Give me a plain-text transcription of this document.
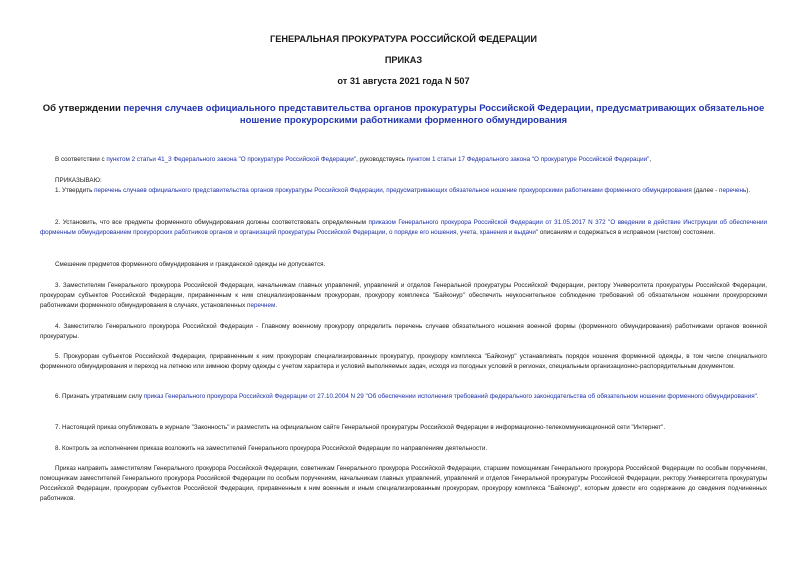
ГЕНЕРАЛЬНАЯ ПРОКУРАТУРА РОССИЙСКОЙ ФЕДЕРАЦИИ
ПРИКАЗ
от 31 августа 2021 года N 507
Об утверждении перечня случаев официального представительства органов прокуратуры Российской Федерации, предусматривающих обязательное ношение прокурорскими работниками форменного обмундирования

В соответствии с пунктом 2 статьи 41_3 Федерального закона "О прокуратуре Российской Федерации", руководствуясь пунктом 1 статьи 17 Федерального закона "О прокуратуре Российской Федерации",

ПРИКАЗЫВАЮ:

1. Утвердить перечень случаев официального представительства органов прокуратуры Российской Федерации, предусматривающих обязательное ношение прокурорскими работниками форменного обмундирования (далее - перечень).

2. Установить, что все предметы форменного обмундирования должны соответствовать определенным приказом Генерального прокурора Российской Федерации от 31.05.2017 N 372 "О введении в действие Инструкции об обеспечении форменным обмундированием прокурорских работников органов и организаций прокуратуры Российской Федерации, о порядке его ношения, учета, хранения и выдачи" описаниям и содержаться в исправном (чистом) состоянии.

Смешение предметов форменного обмундирования и гражданской одежды не допускается.

3. Заместителям Генерального прокурора Российской Федерации, начальникам главных управлений, управлений и отделов Генеральной прокуратуры Российской Федерации, ректору Университета прокуратуры Российской Федерации, прокурорам субъектов Российской Федерации, приравненным к ним специализированным прокурорам, прокурору комплекса "Байконур" обеспечить неукоснительное соблюдение требований об обязательном ношении прокурорскими работниками форменного обмундирования в случаях, установленных перечнем.

4. Заместителю Генерального прокурора Российской Федерации - Главному военному прокурору определить перечень случаев обязательного ношения военной формы (форменного обмундирования) работниками органов военной прокуратуры.

5. Прокурорам субъектов Российской Федерации, приравненным к ним прокурорам специализированных прокуратур, прокурору комплекса "Байконур" устанавливать порядок ношения форменной одежды, в том числе специального форменного обмундирования и переход на летнюю или зимнюю форму одежды с учетом характера и условий выполняемых задач, исходя из погодных условий в регионах, специальным организационно-распорядительным документом.

6. Признать утратившим силу приказ Генерального прокурора Российской Федерации от 27.10.2004 N 29 "Об обеспечении исполнения требований федерального законодательства об обязательном ношении форменного обмундирования".

7. Настоящий приказ опубликовать в журнале "Законность" и разместить на официальном сайте Генеральной прокуратуры Российской Федерации в информационно-телекоммуникационной сети "Интернет".

8. Контроль за исполнением приказа возложить на заместителей Генерального прокурора Российской Федерации по направлениям деятельности.

Приказ направить заместителям Генерального прокурора Российской Федерации, советникам Генерального прокурора Российской Федерации, старшим помощникам Генерального прокурора Российской Федерации по особым поручениям, помощникам заместителей Генерального прокурора Российской Федерации по особым поручениям, начальникам главных управлений, управлений и отделов Генеральной прокуратуры Российской Федерации, ректору Университета прокуратуры Российской Федерации, прокурорам субъектов Российской Федерации, приравненным к ним военным и иным специализированным прокурорам, прокурору комплекса "Байконур", которым довести его содержание до сведения подчиненных работников.
